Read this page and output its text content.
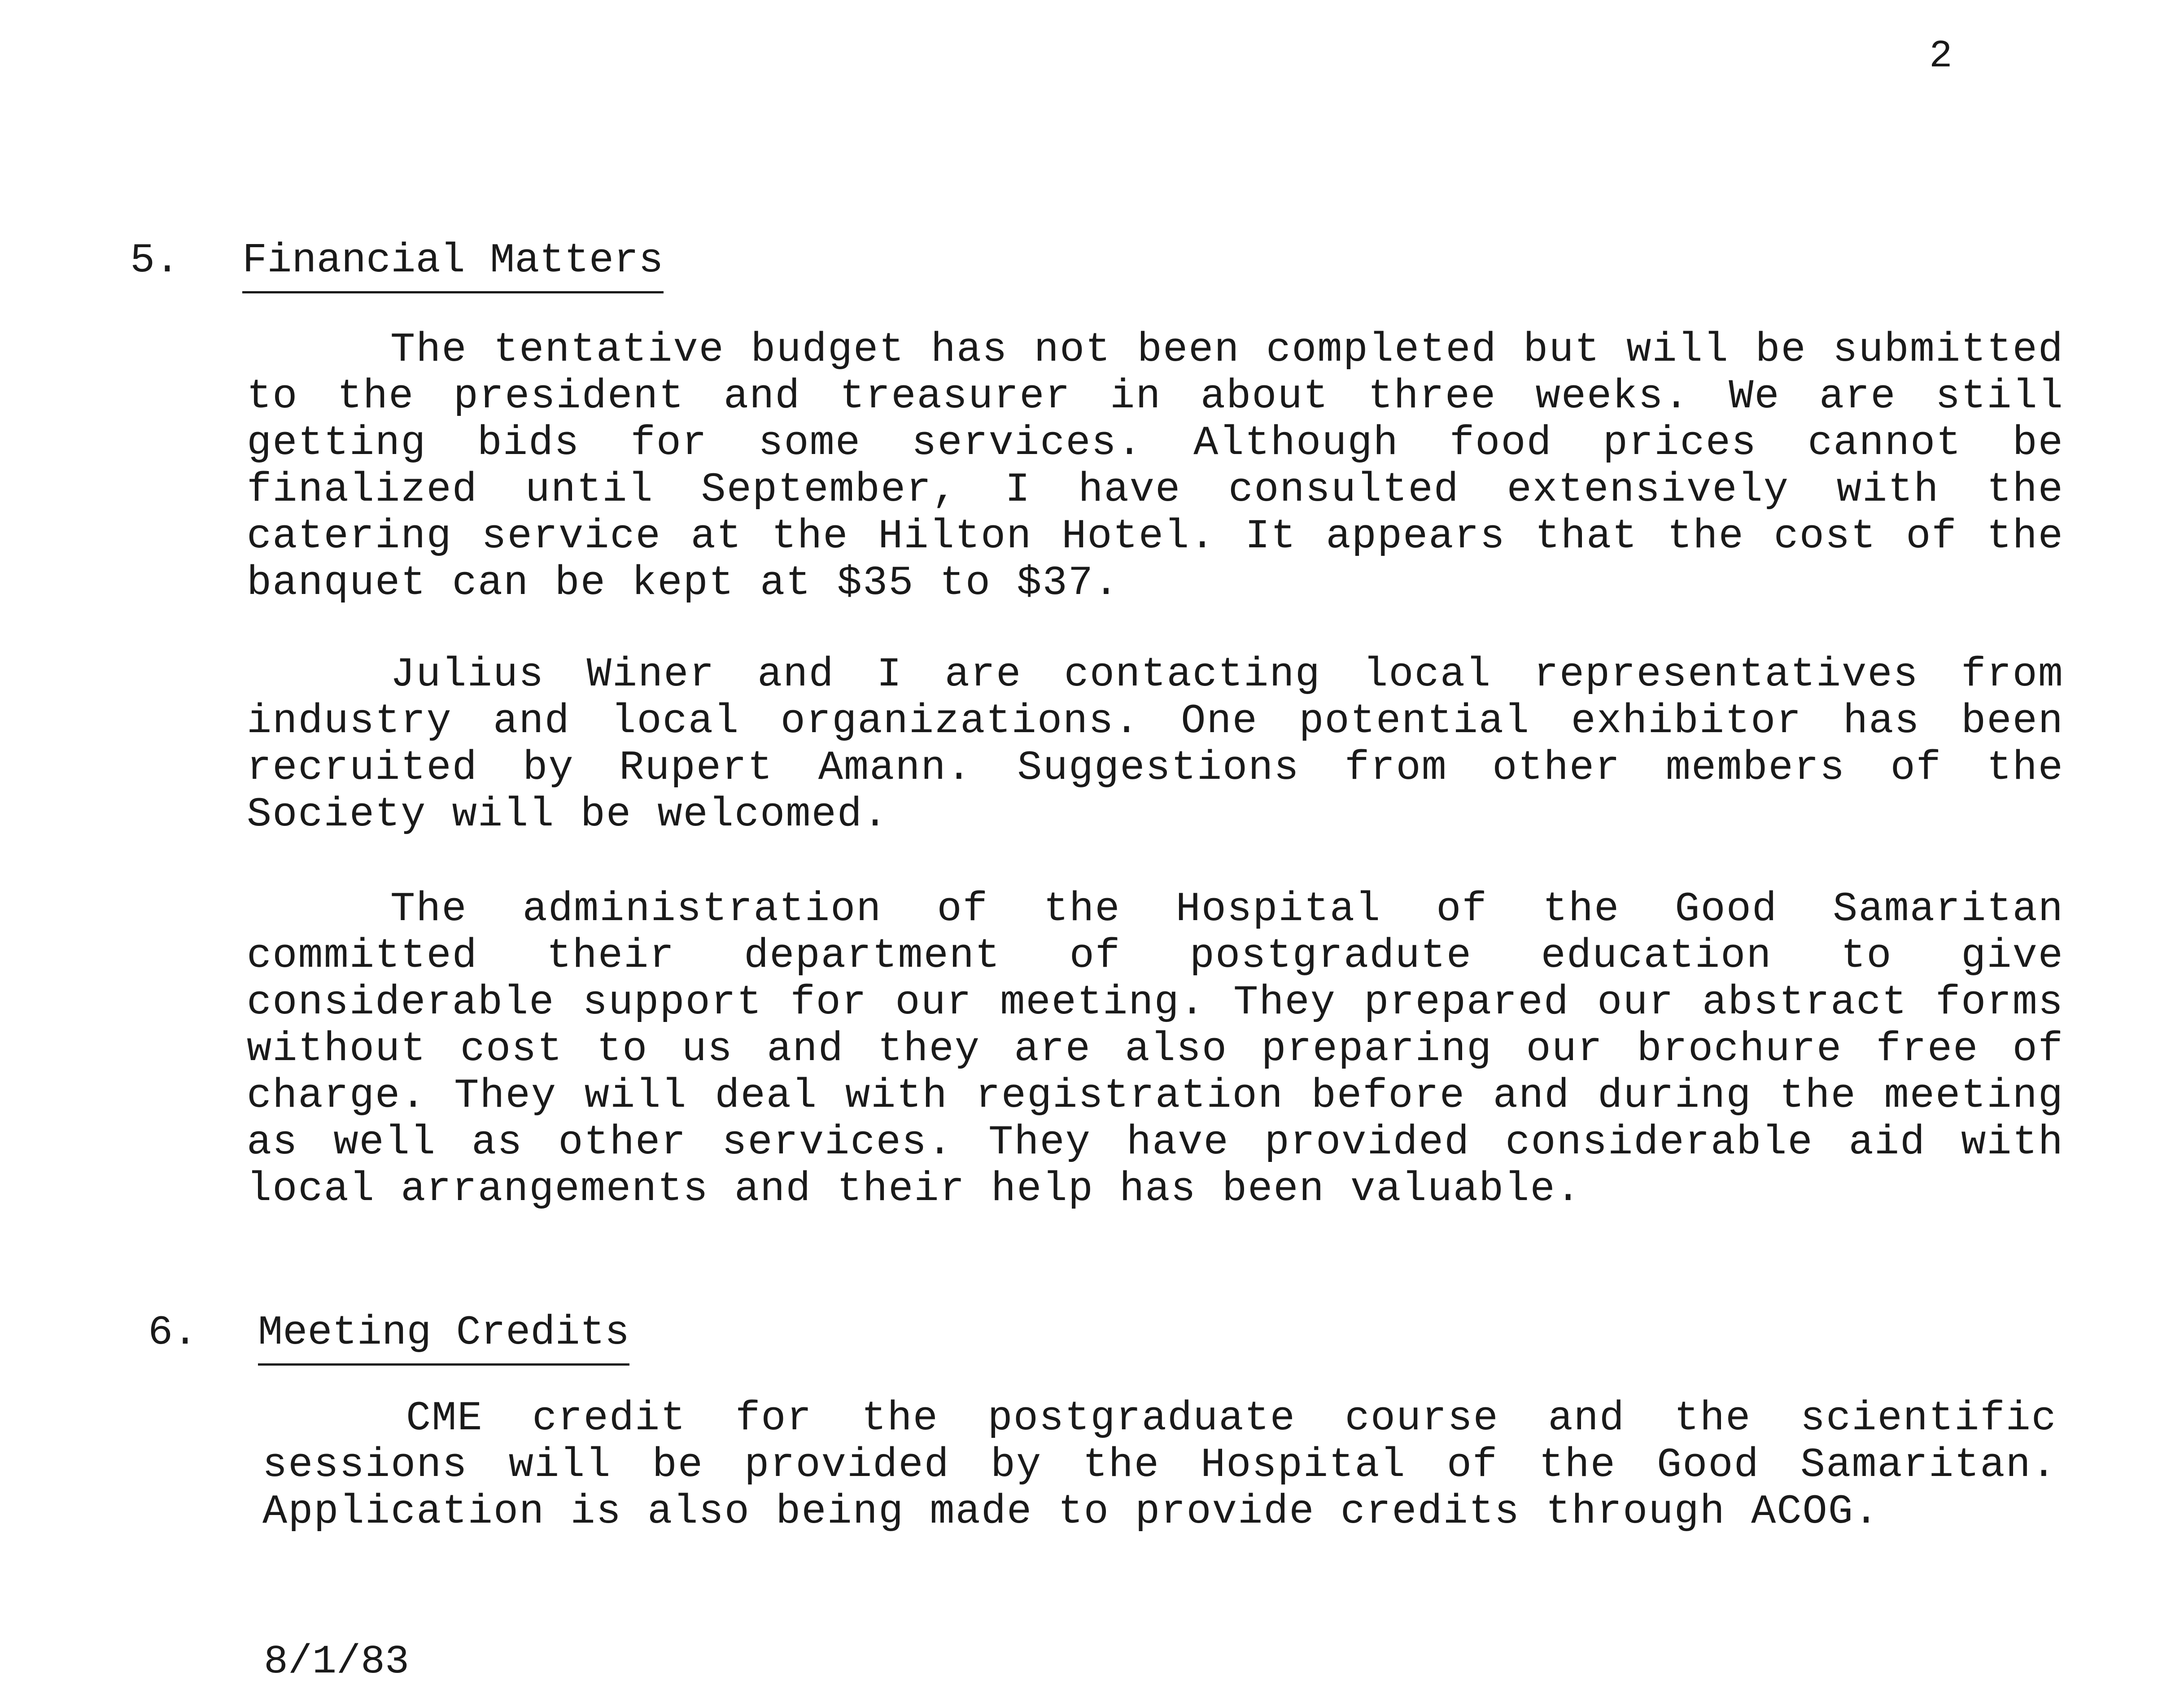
2

5.

Financial Matters

The tentative budget has not been completed but will be submitted to the president and treasurer in about three weeks. We are still getting bids for some services. Although food prices cannot be finalized until September, I have consulted extensively with the catering service at the Hilton Hotel. It appears that the cost of the banquet can be kept at $35 to $37.

Julius Winer and I are contacting local representatives from industry and local organizations. One potential exhibitor has been recruited by Rupert Amann. Suggestions from other members of the Society will be welcomed.

The administration of the Hospital of the Good Samaritan committed their department of postgradute education to give considerable support for our meeting. They prepared our abstract forms without cost to us and they are also preparing our brochure free of charge. They will deal with registration before and during the meeting as well as other services. They have provided considerable aid with local arrangements and their help has been valuable.

6.

Meeting Credits

CME credit for the postgraduate course and the scientific sessions will be provided by the Hospital of the Good Samaritan. Application is also being made to provide credits through ACOG.

8/1/83
